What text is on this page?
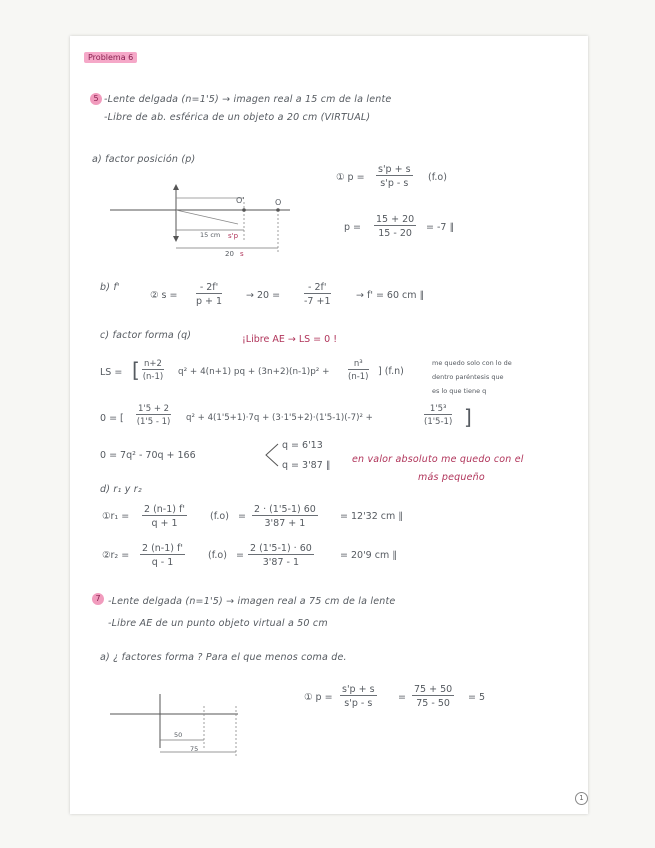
Problema 6
5 -Lente delgada (n=1'5) → imagen real a 15 cm de la lente
-Libre de ab. esférica de un objeto a 20 cm (VIRTUAL)
a) factor posición (p)
① $p = \frac{s'p + s}{s'p - s} (f.o)$
$p = \frac{15 + 20}{15 - 20} = -7$ ∥
O'	O
15 cm s'p
20 s
b) f'
② $s = \frac{- 2f'}{p + 1}$	→ 20 =	$\frac{- 2f'}{-7 +1}$	→ f' = 60 cm ∥
c) factor forma (q)	¡Libre AE → LS = 0 !
LS = [ $\frac{n+2}{(n-1)} q^2 + 4(n+1)$ pq + $(3n+2)(n-1)p^2 + \frac{\text{n³}}{(n-1)}$ ] (f.n)
me quedo solo con lo de
dentro paréntesis que
es lo que tiene q
0 = [ $\frac{1'5 + 2}{(1'5 - 1)} q^2 + 4(1'5+1)\cdot 7q + (3\cdot 1'5+2)\cdot(1'5-1)(-7)^2$ +	$\frac{\text{1'5³}}{(1'5-1)}$ ]
0 = 7q² - 70q + 166
q = 6'13
q = 3'87 ∥
en valor absoluto me quedo con el
más pequeño
d) r₁ y r₂
①r₁ = $\frac{2 (n-1) f'}{q + 1} (f.o) = \frac{2 \cdot (1'5-1) 60}{3'87 + 1} = 12'32$ cm ∥
②r₂ = $\frac{2 (n-1) f'}{q - 1} (f.o) = \frac{2 (1'5-1) \cdot 60}{3'87 - 1}$	= 20'9 cm ∥
7 -Lente delgada (n=1'5) → imagen real a 75 cm de la lente
-Libre AE de un punto objeto virtual a 50 cm
a) ¿ factores forma ? Para el que menos coma de.
① $p = \frac{s'p + s}{s'p - s} = \frac{75 + 50}{75 - 50} = 5$
50
75
1
